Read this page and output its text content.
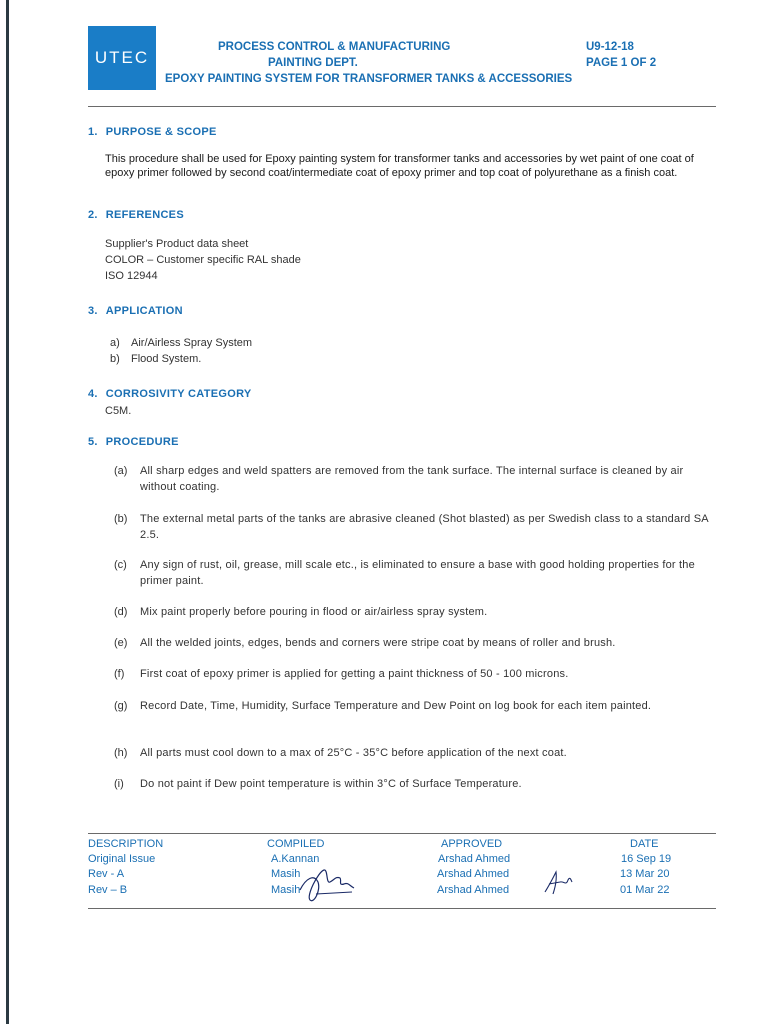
UTEC
PROCESS CONTROL & MANUFACTURING
PAINTING DEPT.
EPOXY PAINTING SYSTEM FOR TRANSFORMER TANKS & ACCESSORIES
U9-12-18
PAGE 1 OF 2
1. PURPOSE & SCOPE
This procedure shall be used for Epoxy painting system for transformer tanks and accessories by wet paint of one coat of epoxy primer followed by second coat/intermediate coat of epoxy primer and top coat of polyurethane as a finish coat.
2. REFERENCES
Supplier's Product data sheet
COLOR – Customer specific RAL shade
ISO 12944
3. APPLICATION
a) Air/Airless Spray System
b) Flood System.
4. CORROSIVITY CATEGORY
C5M.
5. PROCEDURE
(a) All sharp edges and weld spatters are removed from the tank surface. The internal surface is cleaned by air without coating.
(b) The external metal parts of the tanks are abrasive cleaned (Shot blasted) as per Swedish class to a standard SA 2.5.
(c) Any sign of rust, oil, grease, mill scale etc., is eliminated to ensure a base with good holding properties for the primer paint.
(d) Mix paint properly before pouring in flood or air/airless spray system.
(e) All the welded joints, edges, bends and corners were stripe coat by means of roller and brush.
(f) First coat of epoxy primer is applied for getting a paint thickness of 50 - 100 microns.
(g) Record Date, Time, Humidity, Surface Temperature and Dew Point on log book for each item painted.
(h) All parts must cool down to a max of 25°C - 35°C before application of the next coat.
(i) Do not paint if Dew point temperature is within 3°C of Surface Temperature.
DESCRIPTION	COMPILED	APPROVED	DATE
Original Issue	A.Kannan	Arshad Ahmed	16 Sep 19
Rev - A	Masih	Arshad Ahmed	13 Mar 20
Rev – B	Masih	Arshad Ahmed	01 Mar 22
